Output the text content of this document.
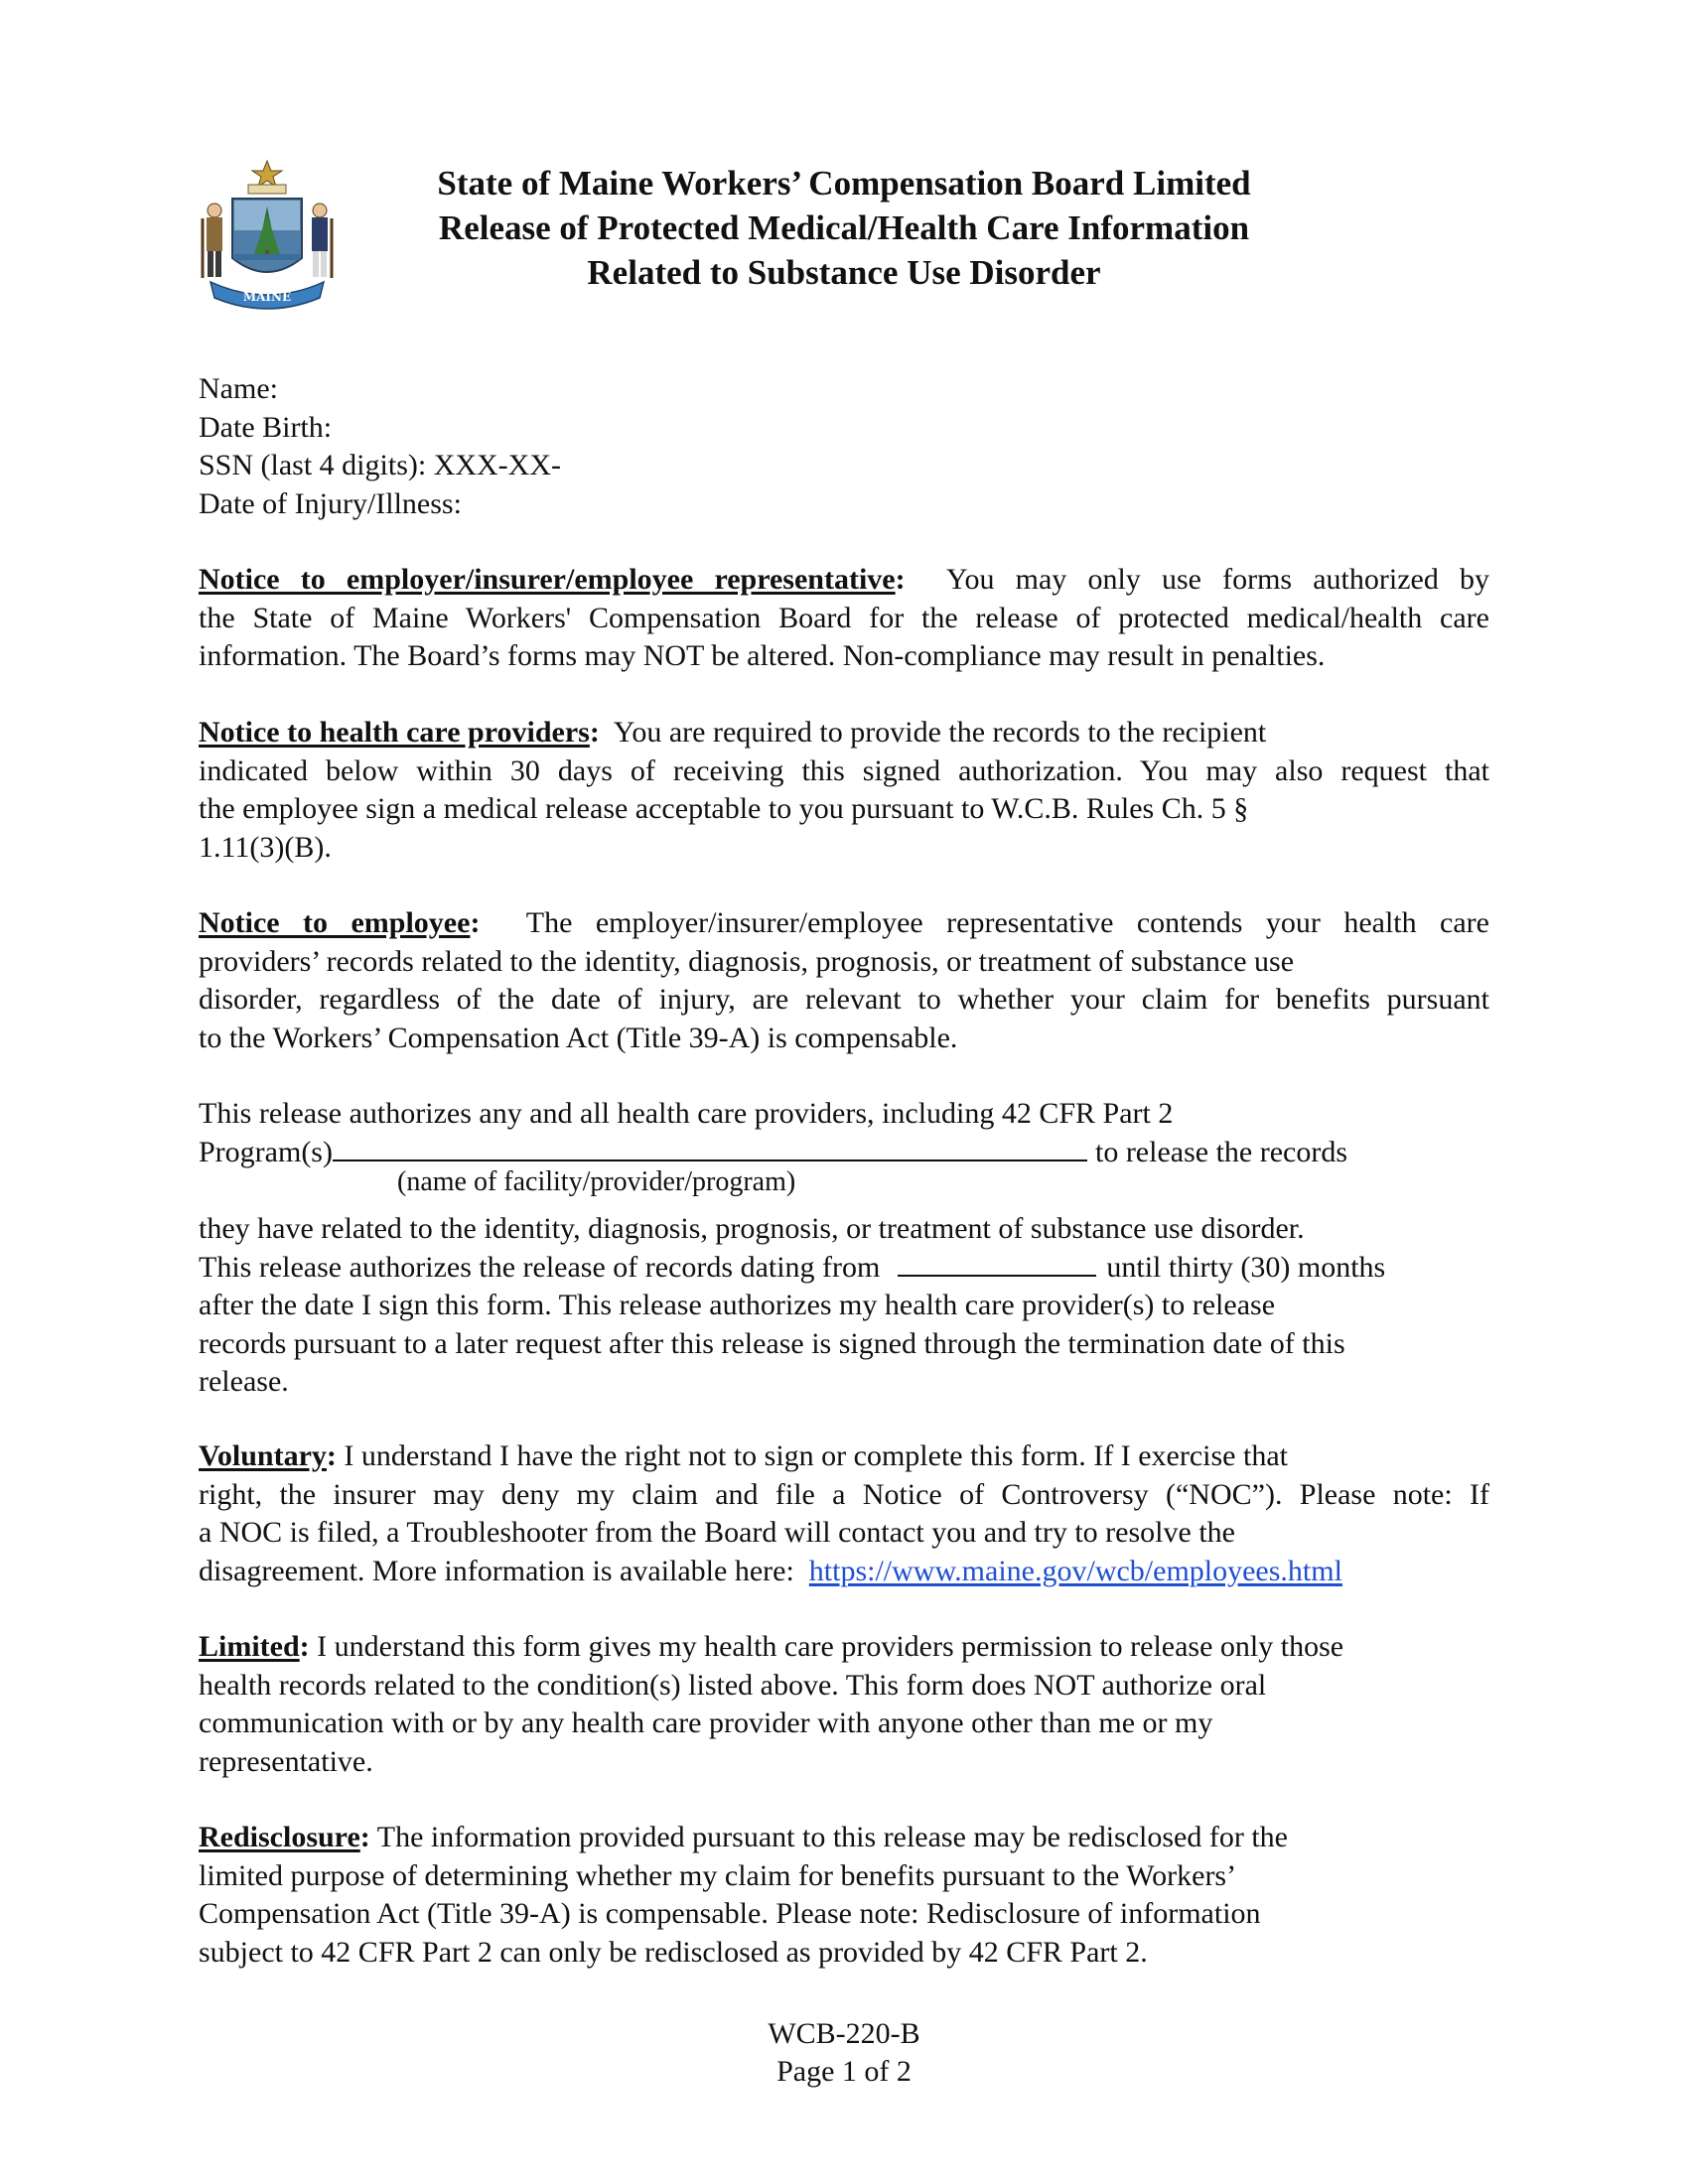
MAINE
State of Maine Workers’ Compensation Board Limited
Release of Protected Medical/Health Care Information
Related to Substance Use Disorder
Name:
Date Birth:
SSN (last 4 digits): XXX-XX-
Date of Injury/Illness:
Notice to employer/insurer/employee representative: You may only use forms authorized by
the State of Maine Workers' Compensation Board for the release of protected medical/health care
information. The Board’s forms may NOT be altered. Non-compliance may result in penalties.
Notice to health care providers: You are required to provide the records to the recipient
indicated below within 30 days of receiving this signed authorization. You may also request that
the employee sign a medical release acceptable to you pursuant to W.C.B. Rules Ch. 5 §
1.11(3)(B).
Notice to employee: The employer/insurer/employee representative contends your health care
providers’ records related to the identity, diagnosis, prognosis, or treatment of substance use
disorder, regardless of the date of injury, are relevant to whether your claim for benefits pursuant
to the Workers’ Compensation Act (Title 39-A) is compensable.
This release authorizes any and all health care providers, including 42 CFR Part 2
Program(s)	to release the records
(name of facility/provider/program)
they have related to the identity, diagnosis, prognosis, or treatment of substance use disorder.
This release authorizes the release of records dating from	until thirty (30) months
after the date I sign this form. This release authorizes my health care provider(s) to release
records pursuant to a later request after this release is signed through the termination date of this
release.
Voluntary: I understand I have the right not to sign or complete this form. If I exercise that
right, the insurer may deny my claim and file a Notice of Controversy (“NOC”). Please note: If
a NOC is filed, a Troubleshooter from the Board will contact you and try to resolve the
disagreement. More information is available here: https://www.maine.gov/wcb/employees.html
Limited: I understand this form gives my health care providers permission to release only those
health records related to the condition(s) listed above. This form does NOT authorize oral
communication with or by any health care provider with anyone other than me or my
representative.
Redisclosure: The information provided pursuant to this release may be redisclosed for the
limited purpose of determining whether my claim for benefits pursuant to the Workers’
Compensation Act (Title 39-A) is compensable. Please note: Redisclosure of information
subject to 42 CFR Part 2 can only be redisclosed as provided by 42 CFR Part 2.
WCB-220-B
Page 1 of 2
